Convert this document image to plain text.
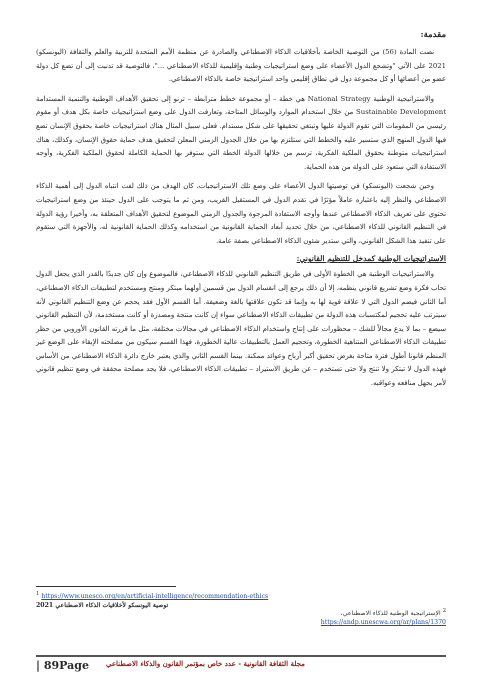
مقدمة:

نصت المادة (56) من التوصية الخاصة بأخلاقيات الذكاء الاصطناعي والصادرة عن منظمة الأمم المتحدة للتربية والعلم والثقافة (اليونسكو) 2021 على الآتي "وتشجع الدول الأعضاء على وضع استراتيجيات وطنية وإقليمية للذكاء الاصطناعي ..."، فالتوصية قد تدنيت إلى أن تضع كل دولة عضو من أعضائها أو كل مجموعة دول في نطاق إقليمي واحد استراتيجية خاصة بالذكاء الاصطناعي.

والاستراتيجية الوطنية National Strategy هي خطة – أو مجموعة خطط مترابطة – ترنو إلى تحقيق الأهداف الوطنية والتنمية المستدامة Sustainable Development من خلال استخدام الموارد والوسائل المتاحة، وتعارفت الدول على وضع استراتيجيات خاصة بكل هدف أو مقوم رئيسي من المقومات التي تقوم الدولة عليها وتبتغي تحقيقها على شكل مستدام. فعلى سبيل المثال هناك استراتيجيات خاصة بحقوق الإنسان تضع فيها الدول المنهج الذي ستسير عليه والخطط التي ستلتزم بها من خلال الجدول الزمني المعلن لتحقيق هدف حماية حقوق الإنسان، وكذلك، هناك استراتيجيات متوطنة بحقوق الملكية الفكرية، ترسم من خلالها الدولة الخطة التي ستوفر بها الحماية الكاملة لحقوق الملكية الفكرية، وأوجه الاستفادة التي ستعود على الدولة من هذه الحماية.

وحين شجعت (اليونسكو) في توصيتها الدول الأعضاء على وضع تلك الاستراتيجيات، كان الهدف من ذلك لفت انتباه الدول إلى أهمية الذكاء الاصطناعي والنظر إليه باعتباره عاملاً مؤثرًا في تقدم الدول في المستقبل القريب، ومن ثم ما يتوجب على الدول حينئذ من وضع استراتيجيات تحتوي على تعريف الذكاء الاصطناعي عندها وأوجه الاستفادة المرجوة والجدول الزمني الموضوع لتحقيق الأهداف المتعلقة به، وأخيرا رؤية الدولة في التنظيم القانوني للذكاء الاصطناعي، من خلال تحديد أبعاد الحماية القانونية من استخدامه وكذلك الحماية القانونية له، والأجهزة التي ستقوم على تنفيذ هذا الشكل القانوني، والتي ستدير شئون الذكاء الاصطناعي بصفة عامة.

الاستراتيجيات الوطنية كمدخل للتنظيم القانوني:

والاستراتيجيات الوطنية هي الخطوة الأولى في طريق التنظيم القانوني للذكاء الاصطناعي، فالموضوع وإن كان جديدًا بالقدر الذي يجعل الدول تحاب فكرة وضع تشريع قانوني ينظمه، إلا أن ذلك يرجع إلى انقسام الدول بين قسمين أولهما مبتكر ومنتج ومستخدم لتطبيقات الذكاء الاصطناعي، أما الثاني فيضم الدول التي لا علاقة قوية لها به وإنما قد تكون علاقتها بالغة وضعيفة. أما القسم الأول فقد يحجم عن وضع التنظيم القانوني لأنه سيترتب عليه تحجيم لمكتسبات هذه الدولة من تطبيقات الذكاء الاصطناعي سواء إن كانت منتجة ومصدرة أو كانت مستخدمة، لأن التنظيم القانوني سيضع – بما لا يدع مجالاً للشك – محظورات على إنتاج واستخدام الذكاء الاصطناعي في مجالات مختلفة، مثل ما قررته القانون الأوروبي من حظر تطبيقات الذكاء الاصطناعي المتناهية الخطورة، وتحجيم العمل بالتطبيقات عالية الخطورة، فهذا القسم سيكون من مصلحته الإبقاء على الوضع غير المنظم قانونا أطول فترة متاحة بغرض تحقيق أكبر أرباح وعوائد ممكنة. بينما القسم الثاني والذي يعتبر خارج دائرة الذكاء الاصطناعي من الأساس فهذه الدول لا تبتكر ولا تنتج ولا حتى تستخدم – عن طريق الاستيراد – تطبيقات الذكاء الاصطناعي، فلا يجد مصلحة محققة في وضع تنظيم قانوني لأمر يجهل منافعه وعواقبه.

$^1$ https://www.unesco.org/en/artificial-intelligence/recommendation-ethics
توصية اليونسكو لأخلاقيات الذكاء الاصطناعي 2021
$^2$ الإستراتيجية الوطنية للذكاء الاصطناعي،
https://andp.unescwa.org/ar/plans/1370
مجلة الثقافة القانونية - عدد خاص بمؤتمر القانون والذكاء الاصطناعي
89Page |
